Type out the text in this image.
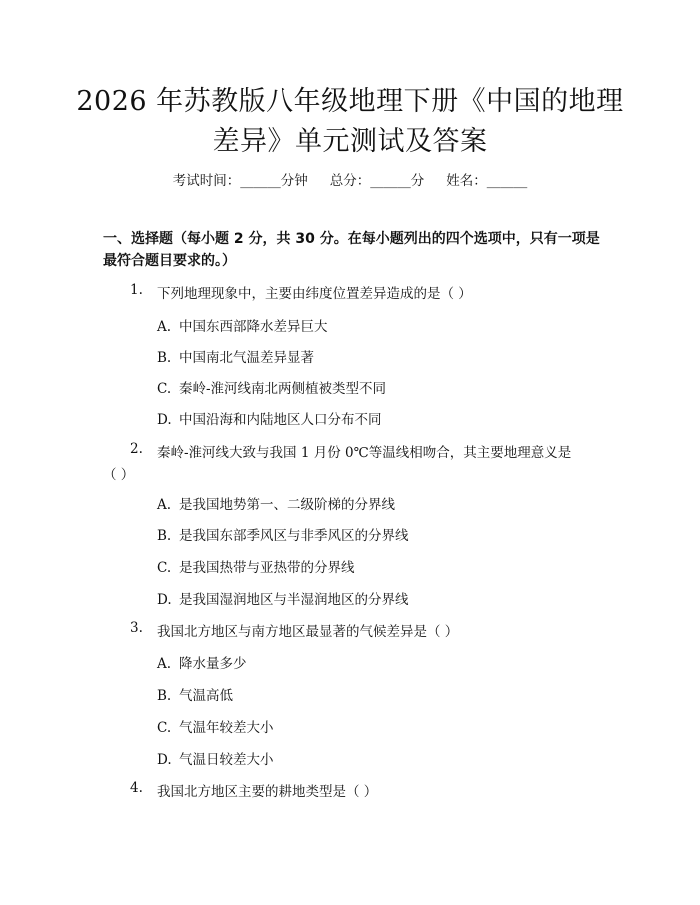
2026 年苏教版八年级地理下册《中国的地理
差异》单元测试及答案
考试时间：______分钟 总分：______分 姓名：______
一、选择题（每小题 2 分，共 30 分。在每小题列出的四个选项中，只有一项是最符合题目要求的。）
1. 下列地理现象中，主要由纬度位置差异造成的是（ ）
A. 中国东西部降水差异巨大
B. 中国南北气温差异显著
C. 秦岭-淮河线南北两侧植被类型不同
D. 中国沿海和内陆地区人口分布不同
2. 秦岭-淮河线大致与我国 1 月份 0℃等温线相吻合，其主要地理意义是
（ ）
A. 是我国地势第一、二级阶梯的分界线
B. 是我国东部季风区与非季风区的分界线
C. 是我国热带与亚热带的分界线
D. 是我国湿润地区与半湿润地区的分界线
3. 我国北方地区与南方地区最显著的气候差异是（ ）
A. 降水量多少
B. 气温高低
C. 气温年较差大小
D. 气温日较差大小
4. 我国北方地区主要的耕地类型是（ ）
